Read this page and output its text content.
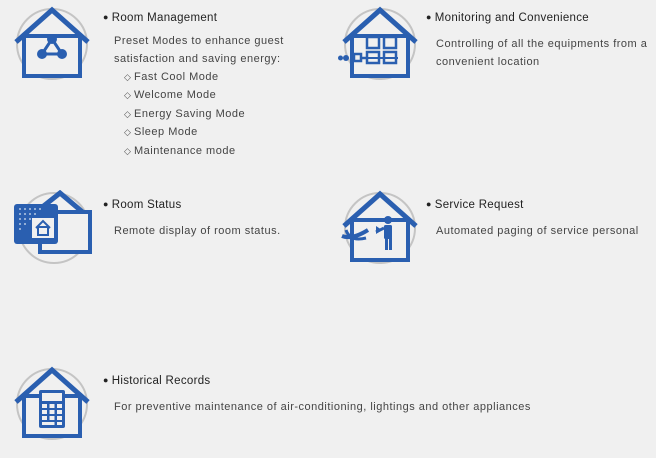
● Room Management
Preset Modes to enhance guest satisfaction and saving energy:
◇ Fast Cool Mode
◇ Welcome Mode
◇ Energy Saving Mode
◇ Sleep Mode
◇ Maintenance mode
● Monitoring and Convenience
Controlling of all the equipments from a convenient location
● Room Status
Remote display of room status.
● Service Request
Automated paging of service personal
● Historical Records
For preventive maintenance of air-conditioning, lightings and other appliances
